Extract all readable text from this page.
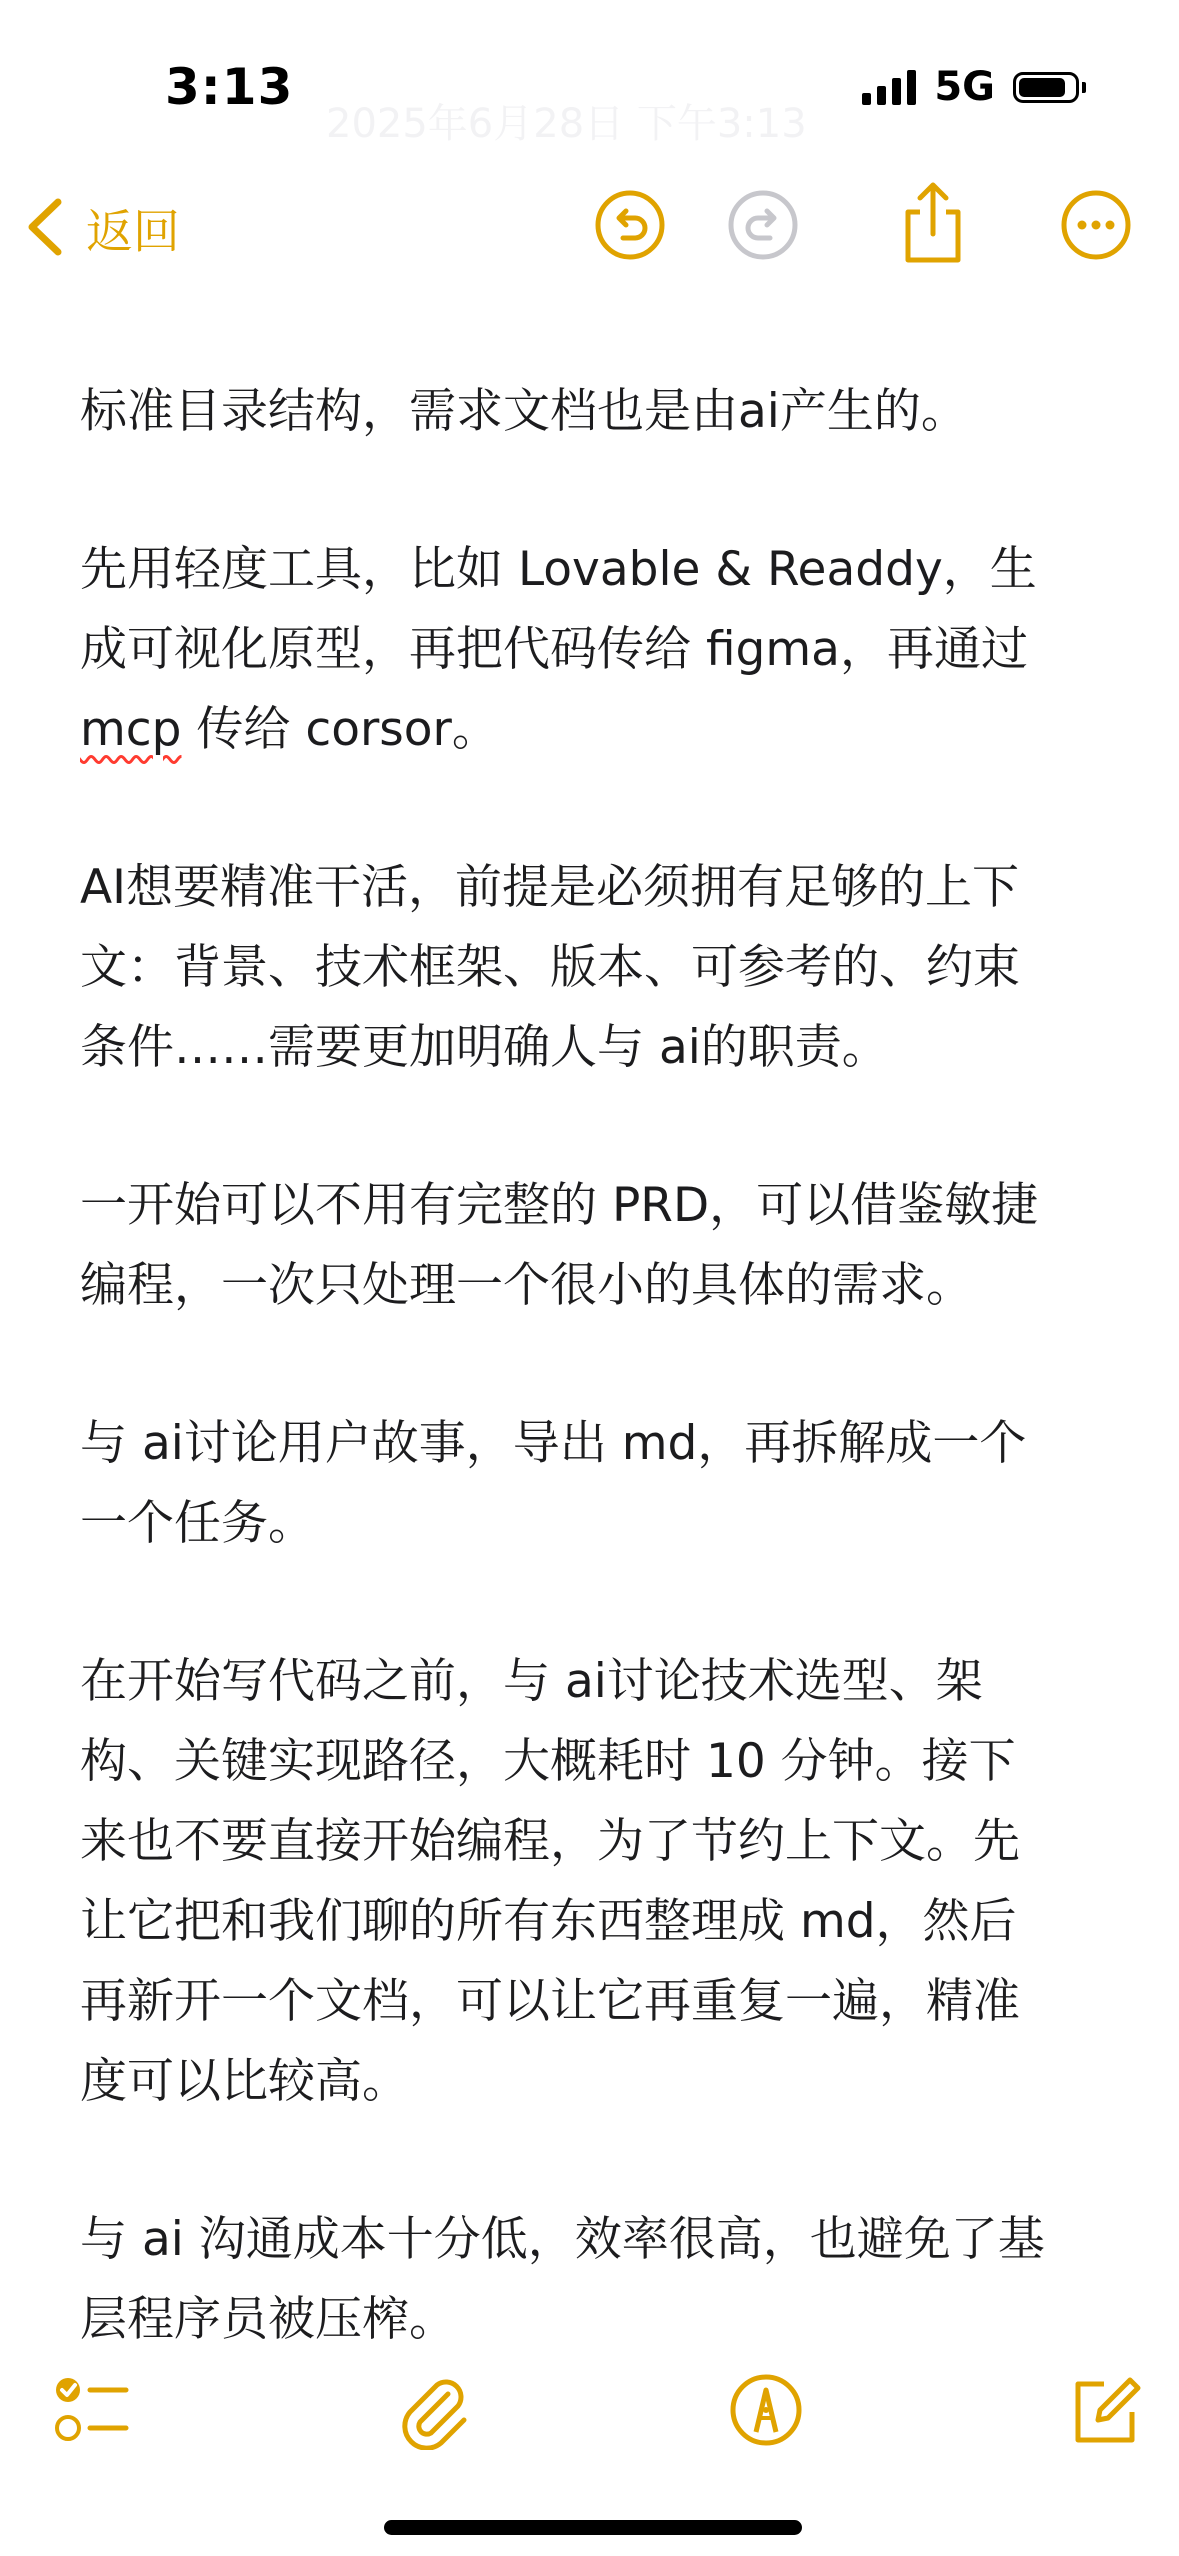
3:13
2025年6月28日 下午3:13
5G
返回

标准目录结构，需求文档也是由ai产生的。

先用轻度工具，比如 Lovable & Readdy，生
成可视化原型，再把代码传给 figma，再通过
mcp 传给 corsor。

AI想要精准干活，前提是必须拥有足够的上下
文：背景、技术框架、版本、可参考的、约束
条件……需要更加明确人与 ai的职责。

一开始可以不用有完整的 PRD，可以借鉴敏捷
编程，一次只处理一个很小的具体的需求。

与 ai讨论用户故事，导出 md，再拆解成一个
一个任务。

在开始写代码之前，与 ai讨论技术选型、架
构、关键实现路径，大概耗时 10 分钟。接下
来也不要直接开始编程，为了节约上下文。先
让它把和我们聊的所有东西整理成 md，然后
再新开一个文档，可以让它再重复一遍，精准
度可以比较高。

与 ai 沟通成本十分低，效率很高，也避免了基
层程序员被压榨。
